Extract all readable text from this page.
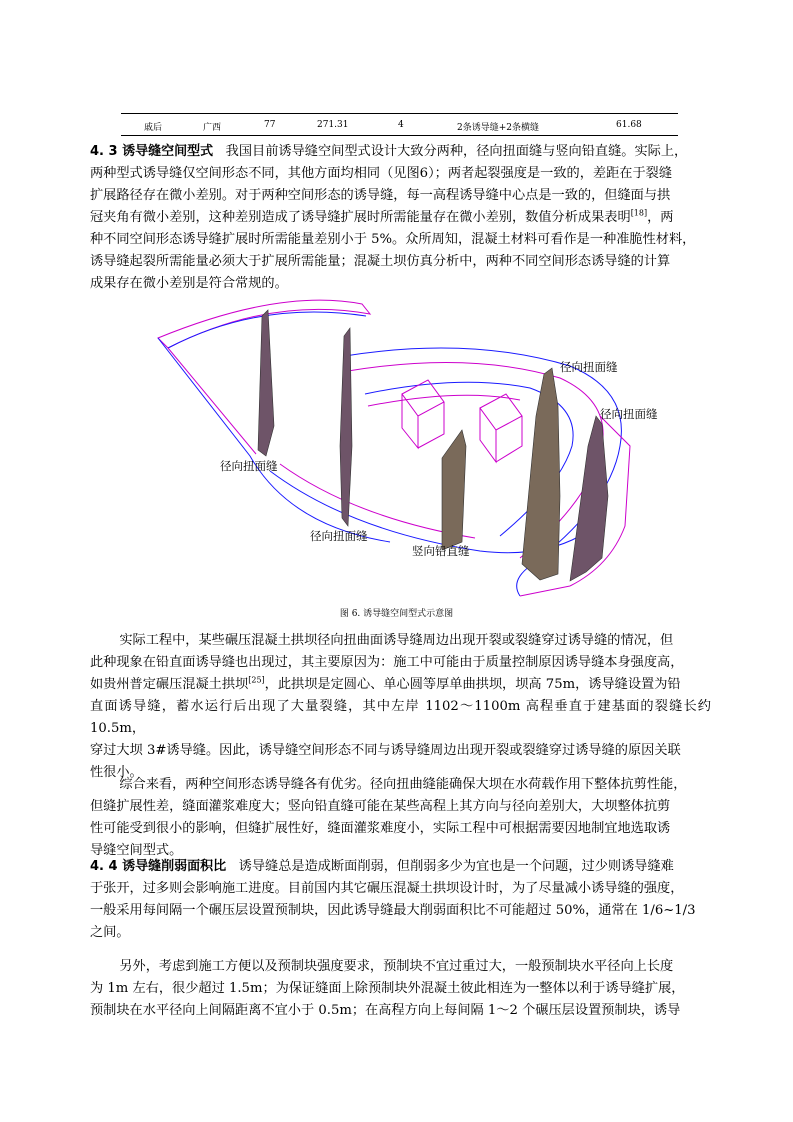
戚后	广西	77	271.31	4	2条诱导缝+2条横缝	61.68
4. 3 诱导缝空间型式 我国目前诱导缝空间型式设计大致分两种，径向扭面缝与竖向铅直缝。实际上，
两种型式诱导缝仅空间形态不同，其他方面均相同（见图6）；两者起裂强度是一致的，差距在于裂缝
扩展路径存在微小差别。对于两种空间形态的诱导缝，每一高程诱导缝中心点是一致的，但缝面与拱
冠夹角有微小差别，这种差别造成了诱导缝扩展时所需能量存在微小差别，数值分析成果表明[18]，两
种不同空间形态诱导缝扩展时所需能量差别小于 5%。众所周知，混凝土材料可看作是一种准脆性材料，
诱导缝起裂所需能量必须大于扩展所需能量；混凝土坝仿真分析中，两种不同空间形态诱导缝的计算
成果存在微小差别是符合常规的。
径向扭面缝
径向扭面缝
竖向铅直缝
径向扭面缝
径向扭面缝
图 6. 诱导缝空间型式示意图
实际工程中，某些碾压混凝土拱坝径向扭曲面诱导缝周边出现开裂或裂缝穿过诱导缝的情况，但
此种现象在铅直面诱导缝也出现过，其主要原因为：施工中可能由于质量控制原因诱导缝本身强度高，
如贵州普定碾压混凝土拱坝[25]，此拱坝是定圆心、单心圆等厚单曲拱坝，坝高 75m，诱导缝设置为铅
直面诱导缝，蓄水运行后出现了大量裂缝，其中左岸 1102～1100m 高程垂直于建基面的裂缝长约 10.5m，
穿过大坝 3#诱导缝。因此，诱导缝空间形态不同与诱导缝周边出现开裂或裂缝穿过诱导缝的原因关联
性很小。
综合来看，两种空间形态诱导缝各有优劣。径向扭曲缝能确保大坝在水荷载作用下整体抗剪性能，
但缝扩展性差，缝面灌浆难度大；竖向铅直缝可能在某些高程上其方向与径向差别大，大坝整体抗剪
性可能受到很小的影响，但缝扩展性好，缝面灌浆难度小，实际工程中可根据需要因地制宜地选取诱
导缝空间型式。
4. 4 诱导缝削弱面积比 诱导缝总是造成断面削弱，但削弱多少为宜也是一个问题，过少则诱导缝难
于张开，过多则会影响施工进度。目前国内其它碾压混凝土拱坝设计时，为了尽量减小诱导缝的强度，
一般采用每间隔一个碾压层设置预制块，因此诱导缝最大削弱面积比不可能超过 50%，通常在 1/6~1/3
之间。
另外，考虑到施工方便以及预制块强度要求，预制块不宜过重过大，一般预制块水平径向上长度
为 1m 左右，很少超过 1.5m；为保证缝面上除预制块外混凝土彼此相连为一整体以利于诱导缝扩展，
预制块在水平径向上间隔距离不宜小于 0.5m；在高程方向上每间隔 1～2 个碾压层设置预制块，诱导
